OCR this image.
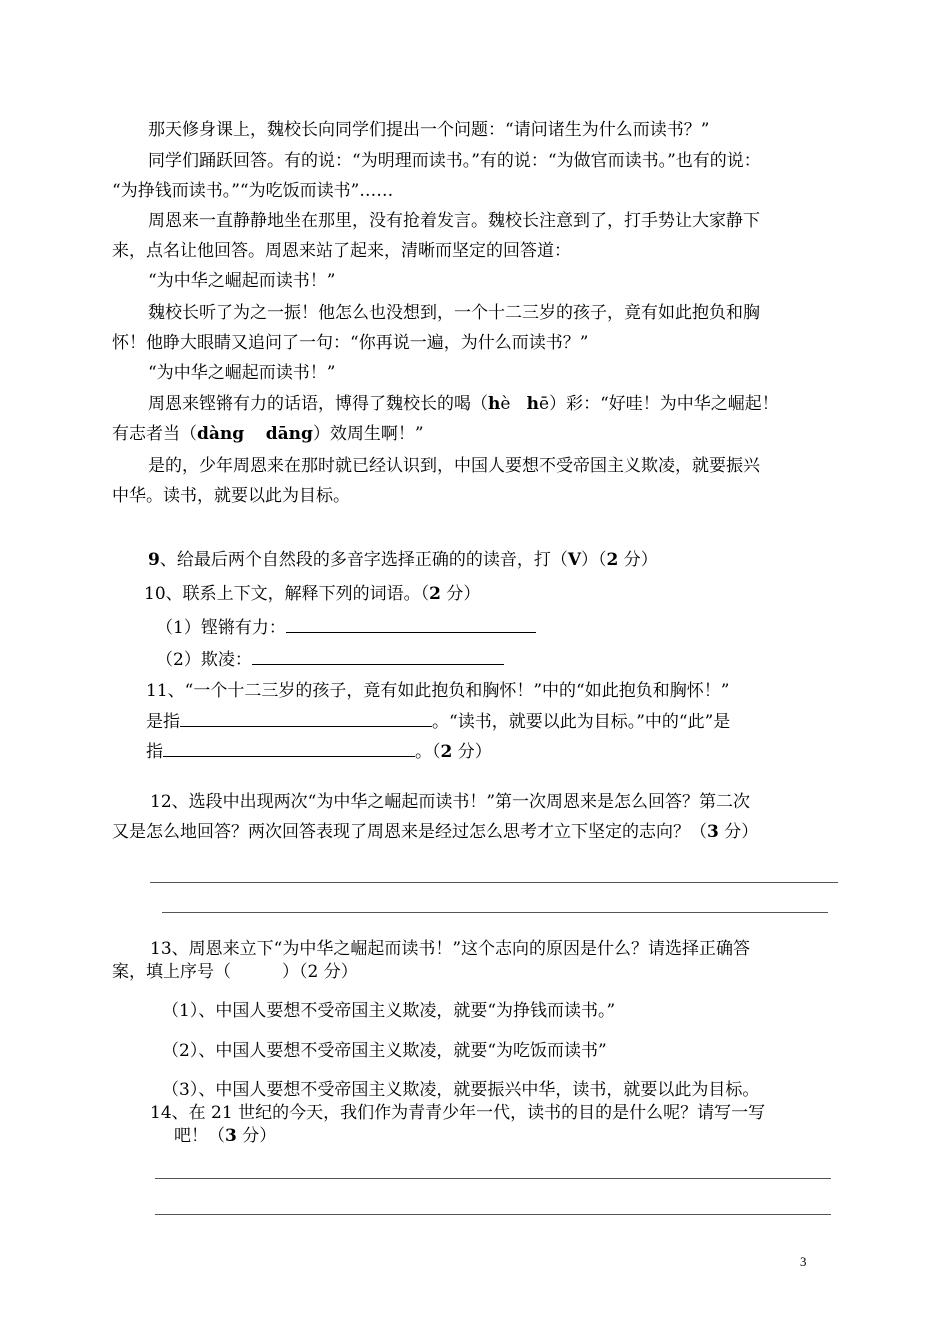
那天修身课上，魏校长向同学们提出一个问题：“请问诸生为什么而读书？”
同学们踊跃回答。有的说：“为明理而读书。”有的说：“为做官而读书。”也有的说：
“为挣钱而读书。”“为吃饭而读书”……
周恩来一直静静地坐在那里，没有抢着发言。魏校长注意到了，打手势让大家静下
来，点名让他回答。周恩来站了起来，清晰而坚定的回答道：
“为中华之崛起而读书！”
魏校长听了为之一振！他怎么也没想到，一个十二三岁的孩子，竟有如此抱负和胸
怀！他睁大眼睛又追问了一句：“你再说一遍，为什么而读书？”
“为中华之崛起而读书！”
周恩来铿锵有力的话语，博得了魏校长的喝（hè hē）彩：“好哇！为中华之崛起！
有志者当（dàng dāng）效周生啊！”
是的，少年周恩来在那时就已经认识到，中国人要想不受帝国主义欺凌，就要振兴
中华。读书，就要以此为目标。
9、给最后两个自然段的多音字选择正确的的读音，打（V）（2 分）
10、联系上下文，解释下列的词语。（2 分）
（1）铿锵有力：
（2）欺凌：
11、“一个十二三岁的孩子，竟有如此抱负和胸怀！”中的“如此抱负和胸怀！”
是指	。“读书，就要以此为目标。”中的“此”是
指	。（2 分）
12、选段中出现两次“为中华之崛起而读书！”第一次周恩来是怎么回答？第二次
又是怎么地回答？两次回答表现了周恩来是经过怎么思考才立下坚定的志向？（3 分）
13、周恩来立下“为中华之崛起而读书！”这个志向的原因是什么？请选择正确答
案，填上序号（　　　）（2 分）
（1）、中国人要想不受帝国主义欺凌，就要“为挣钱而读书。”
（2）、中国人要想不受帝国主义欺凌，就要“为吃饭而读书”
（3）、中国人要想不受帝国主义欺凌，就要振兴中华，读书，就要以此为目标。
14、在 21 世纪的今天，我们作为青青少年一代，读书的目的是什么呢？请写一写
吧！（3 分）
3
